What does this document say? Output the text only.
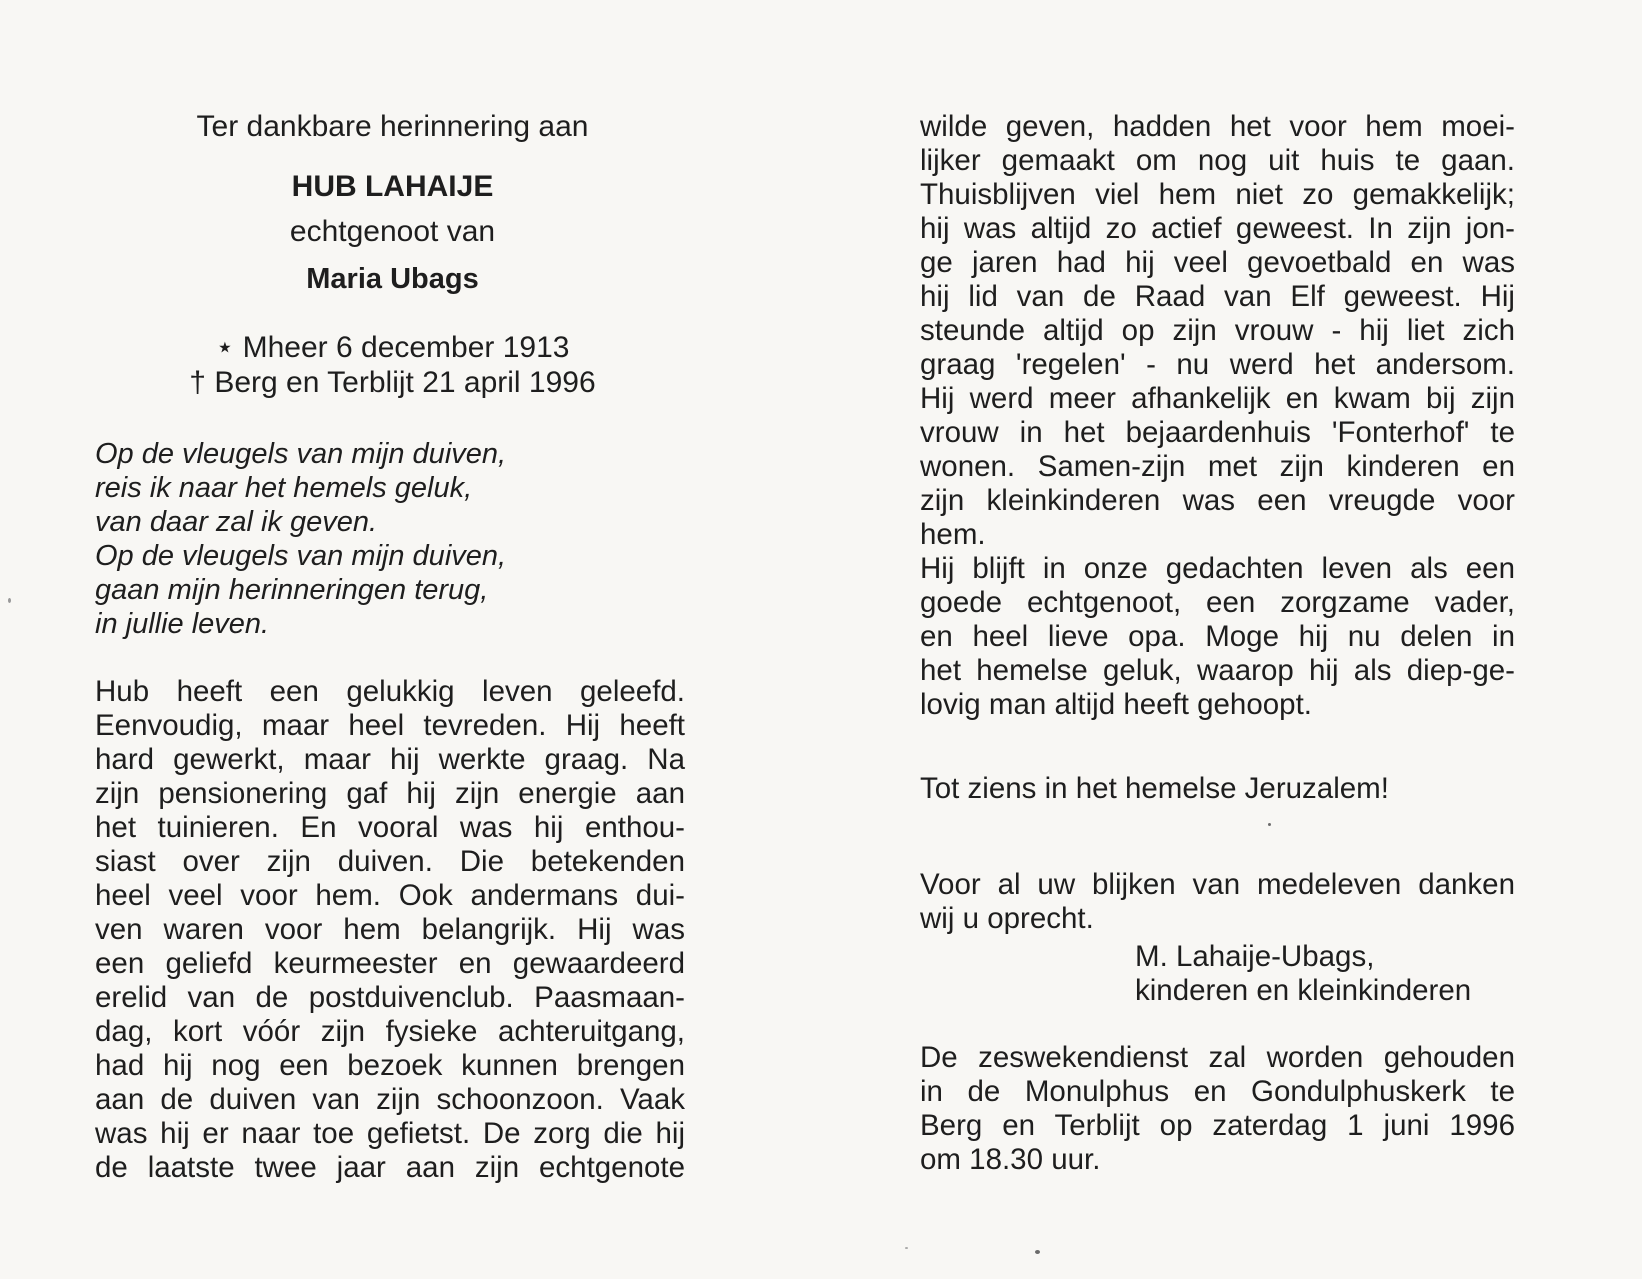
Ter dankbare herinnering aan
HUB LAHAIJE
echtgenoot van
Maria Ubags
⋆ Mheer 6 december 1913
† Berg en Terblijt 21 april 1996
Op de vleugels van mijn duiven,
reis ik naar het hemels geluk,
van daar zal ik geven.
Op de vleugels van mijn duiven,
gaan mijn herinneringen terug,
in jullie leven.
Hub heeft een gelukkig leven geleefd.
Eenvoudig, maar heel tevreden. Hij heeft
hard gewerkt, maar hij werkte graag. Na
zijn pensionering gaf hij zijn energie aan
het tuinieren. En vooral was hij enthou-
siast over zijn duiven. Die betekenden
heel veel voor hem. Ook andermans dui-
ven waren voor hem belangrijk. Hij was
een geliefd keurmeester en gewaardeerd
erelid van de postduivenclub. Paasmaan-
dag, kort vóór zijn fysieke achteruitgang,
had hij nog een bezoek kunnen brengen
aan de duiven van zijn schoonzoon. Vaak
was hij er naar toe gefietst. De zorg die hij
de laatste twee jaar aan zijn echtgenote
wilde geven, hadden het voor hem moei-
lijker gemaakt om nog uit huis te gaan.
Thuisblijven viel hem niet zo gemakkelijk;
hij was altijd zo actief geweest. In zijn jon-
ge jaren had hij veel gevoetbald en was
hij lid van de Raad van Elf geweest. Hij
steunde altijd op zijn vrouw - hij liet zich
graag 'regelen' - nu werd het andersom.
Hij werd meer afhankelijk en kwam bij zijn
vrouw in het bejaardenhuis 'Fonterhof' te
wonen. Samen-zijn met zijn kinderen en
zijn kleinkinderen was een vreugde voor
hem.
Hij blijft in onze gedachten leven als een
goede echtgenoot, een zorgzame vader,
en heel lieve opa. Moge hij nu delen in
het hemelse geluk, waarop hij als diep-ge-
lovig man altijd heeft gehoopt.
Tot ziens in het hemelse Jeruzalem!
Voor al uw blijken van medeleven danken
wij u oprecht.
M. Lahaije-Ubags,
kinderen en kleinkinderen
De zeswekendienst zal worden gehouden
in de Monulphus en Gondulphuskerk te
Berg en Terblijt op zaterdag 1 juni 1996
om 18.30 uur.
